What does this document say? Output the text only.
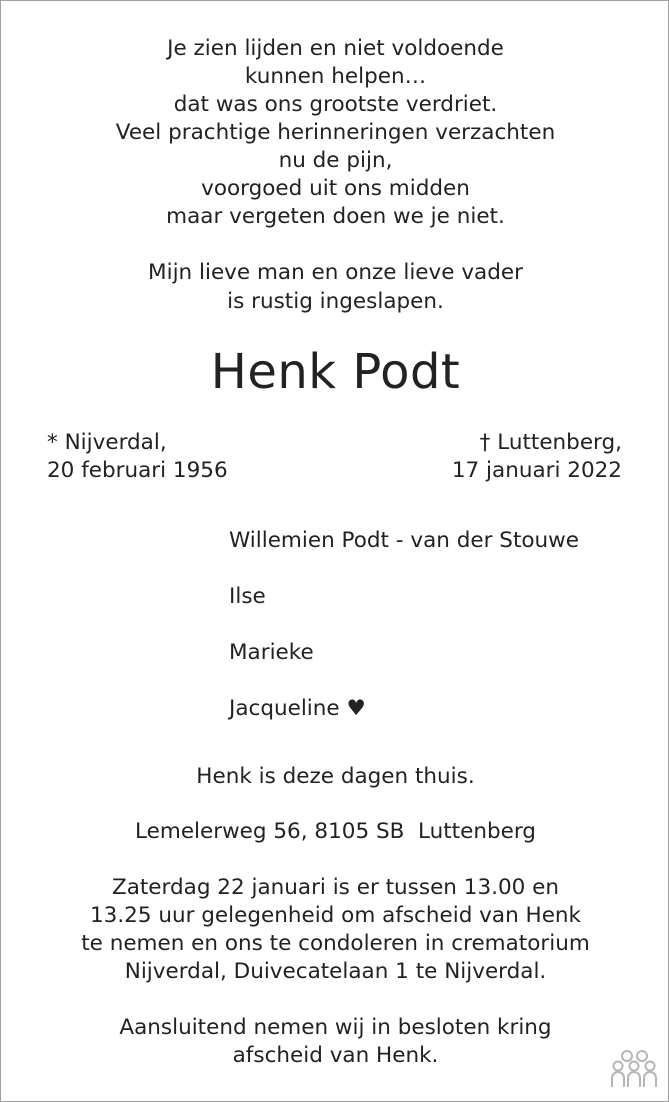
Je zien lijden en niet voldoende
kunnen helpen…
dat was ons grootste verdriet.
Veel prachtige herinneringen verzachten
nu de pijn,
voorgoed uit ons midden
maar vergeten doen we je niet.
Mijn lieve man en onze lieve vader
is rustig ingeslapen.
Henk Podt
* Nijverdal,
20 februari 1956
† Luttenberg,
17 januari 2022
Willemien Podt - van der Stouwe
Ilse
Marieke
Jacqueline ♥
Henk is deze dagen thuis.
Lemelerweg 56, 8105 SB  Luttenberg
Zaterdag 22 januari is er tussen 13.00 en
13.25 uur gelegenheid om afscheid van Henk
te nemen en ons te condoleren in crematorium
Nijverdal, Duivecatelaan 1 te Nijverdal.
Aansluitend nemen wij in besloten kring
afscheid van Henk.
